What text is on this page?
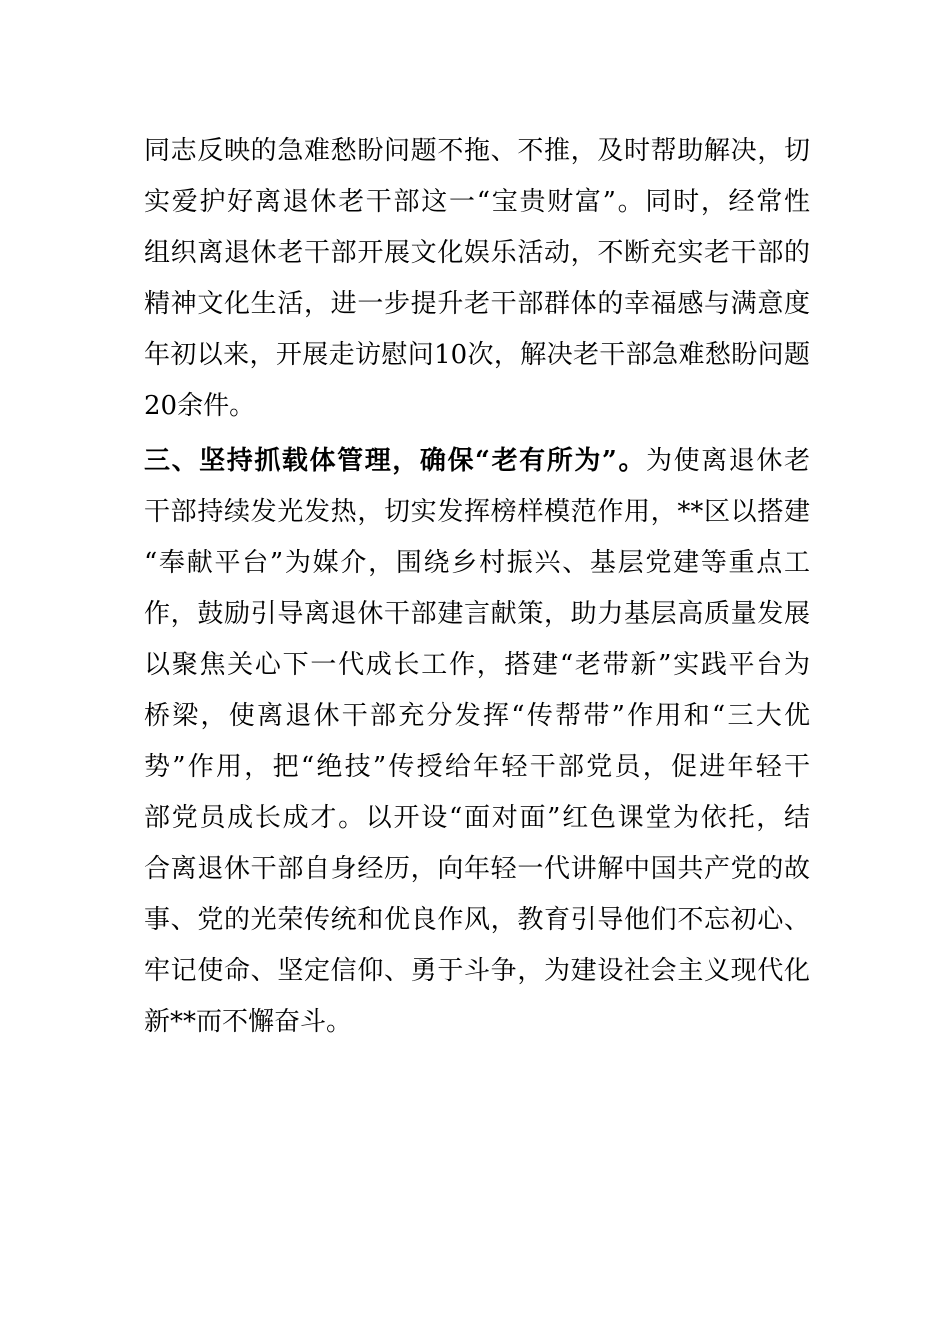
同志反映的急难愁盼问题不拖、不推，及时帮助解决，切
实爱护好离退休老干部这一“宝贵财富”。同时，经常性
组织离退休老干部开展文化娱乐活动，不断充实老干部的
精神文化生活，进一步提升老干部群体的幸福感与满意度
年初以来，开展走访慰问10次，解决老干部急难愁盼问题
20余件。
三、坚持抓载体管理，确保“老有所为”。为使离退休老
干部持续发光发热，切实发挥榜样模范作用，**区以搭建
“奉献平台”为媒介，围绕乡村振兴、基层党建等重点工
作，鼓励引导离退休干部建言献策，助力基层高质量发展
以聚焦关心下一代成长工作，搭建“老带新”实践平台为
桥梁，使离退休干部充分发挥“传帮带”作用和“三大优
势”作用，把“绝技”传授给年轻干部党员，促进年轻干
部党员成长成才。以开设“面对面”红色课堂为依托，结
合离退休干部自身经历，向年轻一代讲解中国共产党的故
事、党的光荣传统和优良作风，教育引导他们不忘初心、
牢记使命、坚定信仰、勇于斗争，为建设社会主义现代化
新**而不懈奋斗。
